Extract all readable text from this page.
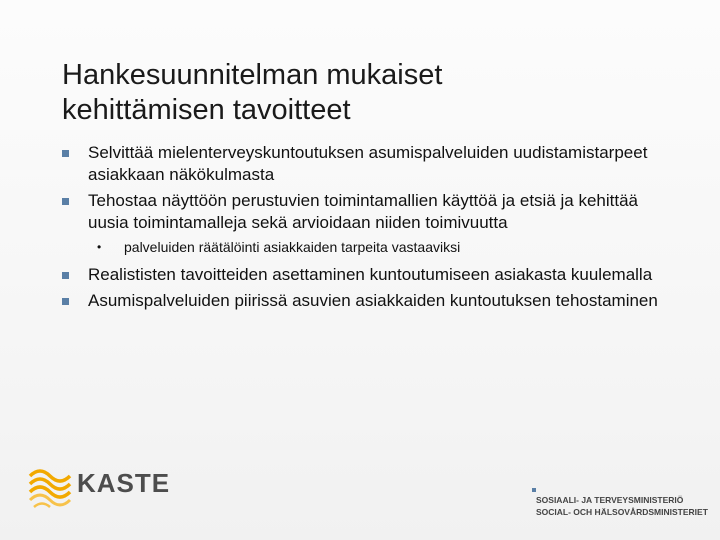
Hankesuunnitelman mukaiset
kehittämisen tavoitteet
Selvittää mielenterveyskuntoutuksen asumispalveluiden uudistamistarpeet asiakkaan näkökulmasta
Tehostaa näyttöön perustuvien toimintamallien käyttöä ja etsiä ja kehittää uusia toimintamalleja sekä arvioidaan niiden toimivuutta
• palveluiden räätälöinti asiakkaiden tarpeita vastaaviksi
Realististen tavoitteiden asettaminen kuntoutumiseen asiakasta kuulemalla
Asumispalveluiden piirissä asuvien asiakkaiden kuntoutuksen tehostaminen
KASTE
SOSIAALI- JA TERVEYSMINISTERIÖ
SOCIAL- OCH HÄLSOVÅRDSMINISTERIET
